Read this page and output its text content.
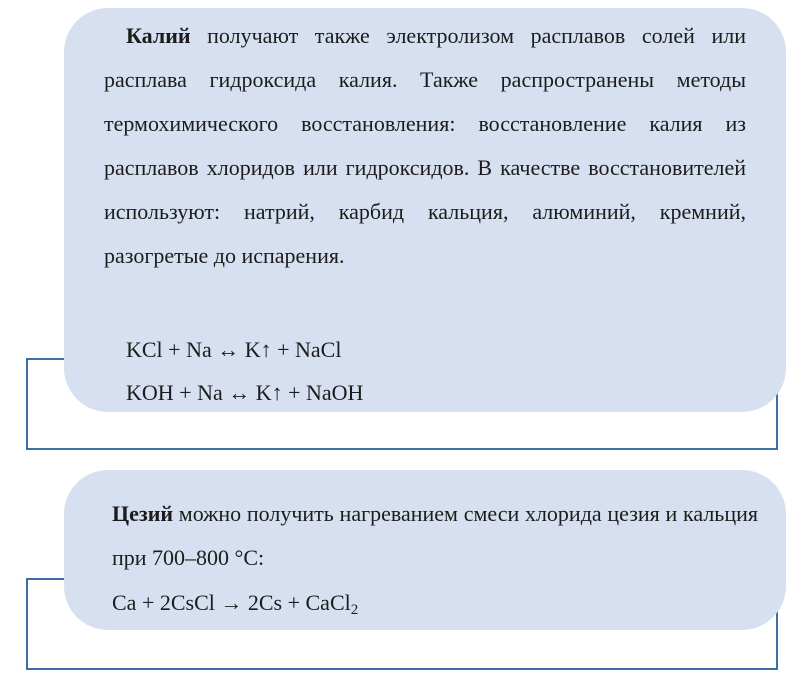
Калий получают также электролизом расплавов солей или расплава гидроксида калия. Также распространены методы термохимического восстановления: восстановление калия из расплавов хлоридов или гидроксидов. В качестве восстановителей используют: натрий, карбид кальция, алюминий, кремний, разогретые до испарения.
KCl + Na ↔ K↑ + NaCl
KOH + Na ↔ K↑ + NaOH
Цезий можно получить нагреванием смеси хлорида цезия и кальция при 700–800 °С:
Ca + 2CsCl → 2Cs + CaCl$_2$
